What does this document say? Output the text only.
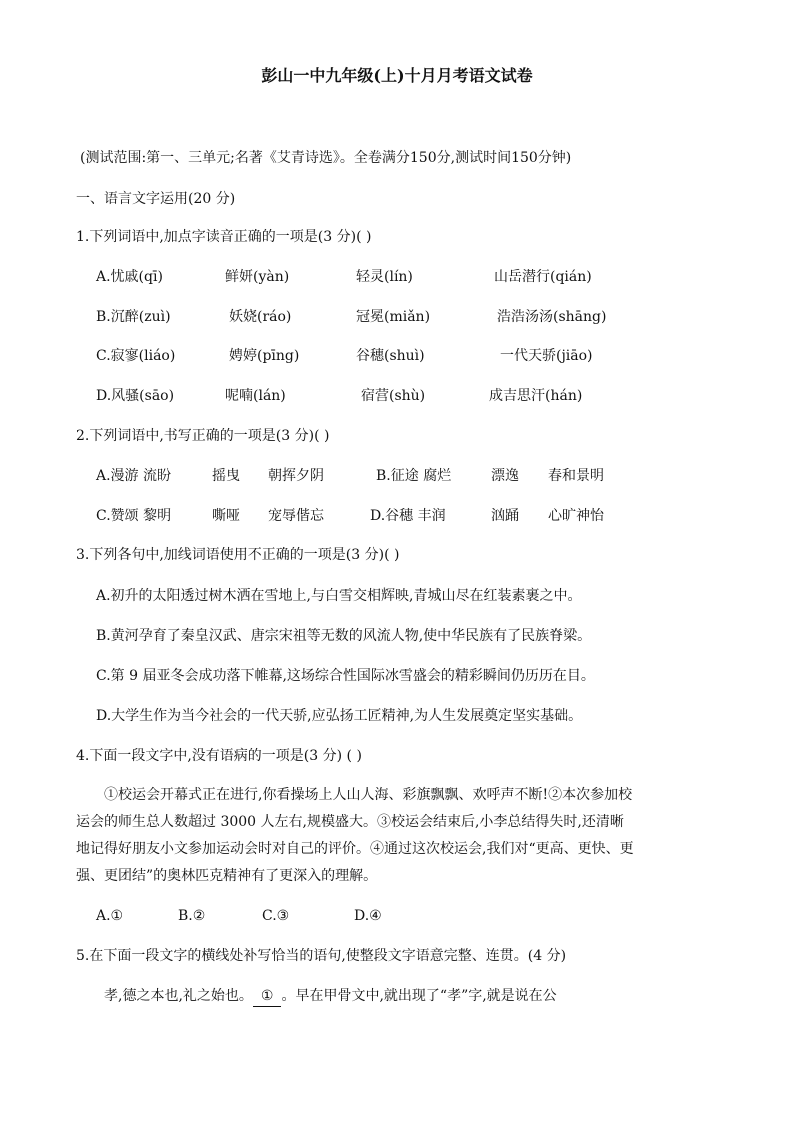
彭山一中九年级(上)十月月考语文试卷
(测试范围:第一、三单元;名著《艾青诗选》。全卷满分150分,测试时间150分钟)
一、语言文字运用(20 分)
1.下列词语中,加点字读音正确的一项是(3 分)( )
A.忧戚(qī)	鲜妍(yàn)	轻灵(lín)	山岳潜行(qián)
B.沉醉(zuì)	妖娆(ráo)	冠冕(miǎn)	浩浩汤汤(shāng)
C.寂寥(liáo)	娉婷(pīng)	谷穗(shuì)	一代天骄(jiāo)
D.风骚(sāo)	呢喃(lán)	宿营(shù)	成吉思汗(hán)
2.下列词语中,书写正确的一项是(3 分)( )
A.漫游 流盼	摇曳 朝挥夕阴	B.征途 腐烂	漂逸 春和景明
C.赞颂 黎明	嘶哑 宠辱偕忘	D.谷穗 丰润	汹踊 心旷神怡
3.下列各句中,加线词语使用不正确的一项是(3 分)( )
A.初升的太阳透过树木洒在雪地上,与白雪交相辉映,青城山尽在红装素裹之中。
B.黄河孕育了秦皇汉武、唐宗宋祖等无数的风流人物,使中华民族有了民族脊梁。
C.第 9 届亚冬会成功落下帷幕,这场综合性国际冰雪盛会的精彩瞬间仍历历在目。
D.大学生作为当今社会的一代天骄,应弘扬工匠精神,为人生发展奠定坚实基础。
4.下面一段文字中,没有语病的一项是(3 分) ( )
①校运会开幕式正在进行,你看操场上人山人海、彩旗飘飘、欢呼声不断!②本次参加校
运会的师生总人数超过 3000 人左右,规模盛大。③校运会结束后,小李总结得失时,还清晰
地记得好朋友小文参加运动会时对自己的评价。④通过这次校运会,我们对“更高、更快、更
强、更团结”的奥林匹克精神有了更深入的理解。
A.①	B.②	C.③	D.④
5.在下面一段文字的横线处补写恰当的语句,使整段文字语意完整、连贯。(4 分)
孝,德之本也,礼之始也。 ① 。早在甲骨文中,就出现了“孝”字,就是说在公
